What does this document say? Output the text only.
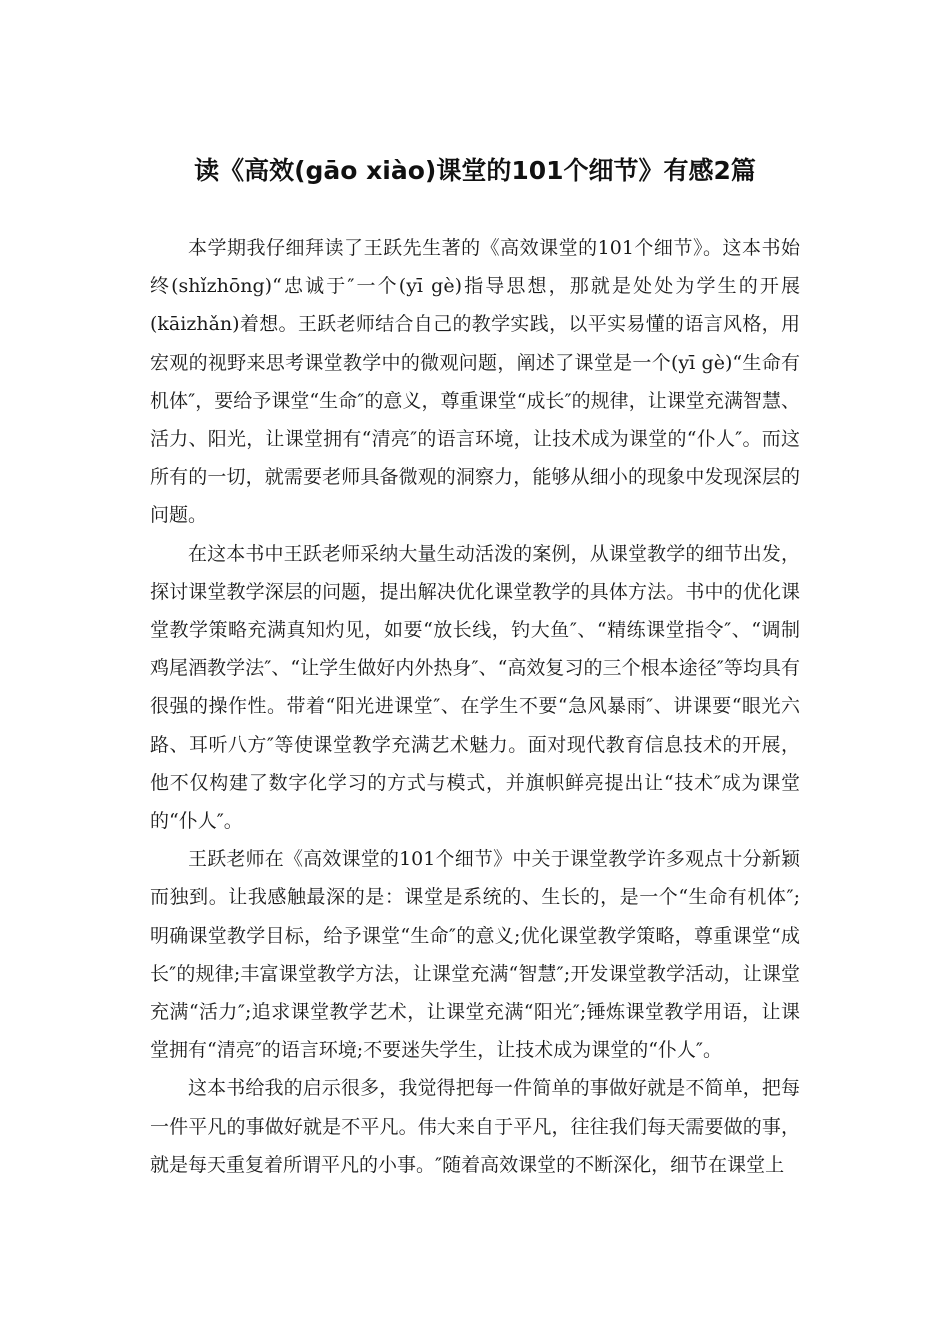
读《高效(gāo xiào)课堂的101个细节》有感2篇

本学期我仔细拜读了王跃先生著的《高效课堂的101个细节》。这本书始终(shǐzhōng)“忠诚于″一个(yī gè)指导思想，那就是处处为学生的开展(kāizhǎn)着想。王跃老师结合自己的教学实践，以平实易懂的语言风格，用宏观的视野来思考课堂教学中的微观问题，阐述了课堂是一个(yī gè)“生命有机体″，要给予课堂“生命″的意义，尊重课堂“成长″的规律，让课堂充满智慧、活力、阳光，让课堂拥有“清亮″的语言环境，让技术成为课堂的“仆人″。而这所有的一切，就需要老师具备微观的洞察力，能够从细小的现象中发现深层的问题。

在这本书中王跃老师采纳大量生动活泼的案例，从课堂教学的细节出发，探讨课堂教学深层的问题，提出解决优化课堂教学的具体方法。书中的优化课堂教学策略充满真知灼见，如要“放长线，钓大鱼″、“精练课堂指令″、“调制鸡尾酒教学法″、“让学生做好内外热身″、“高效复习的三个根本途径″等均具有很强的操作性。带着“阳光进课堂″、在学生不要“急风暴雨″、讲课要“眼光六路、耳听八方″等使课堂教学充满艺术魅力。面对现代教育信息技术的开展，他不仅构建了数字化学习的方式与模式，并旗帜鲜亮提出让“技术″成为课堂的“仆人″。

王跃老师在《高效课堂的101个细节》中关于课堂教学许多观点十分新颖而独到。让我感触最深的是：课堂是系统的、生长的，是一个“生命有机体″;明确课堂教学目标，给予课堂“生命″的意义;优化课堂教学策略，尊重课堂“成长″的规律;丰富课堂教学方法，让课堂充满“智慧″;开发课堂教学活动，让课堂充满“活力″;追求课堂教学艺术，让课堂充满“阳光″;锤炼课堂教学用语，让课堂拥有“清亮″的语言环境;不要迷失学生，让技术成为课堂的“仆人″。

这本书给我的启示很多，我觉得把每一件简单的事做好就是不简单，把每一件平凡的事做好就是不平凡。伟大来自于平凡，往往我们每天需要做的事，就是每天重复着所谓平凡的小事。″随着高效课堂的不断深化，细节在课堂上
